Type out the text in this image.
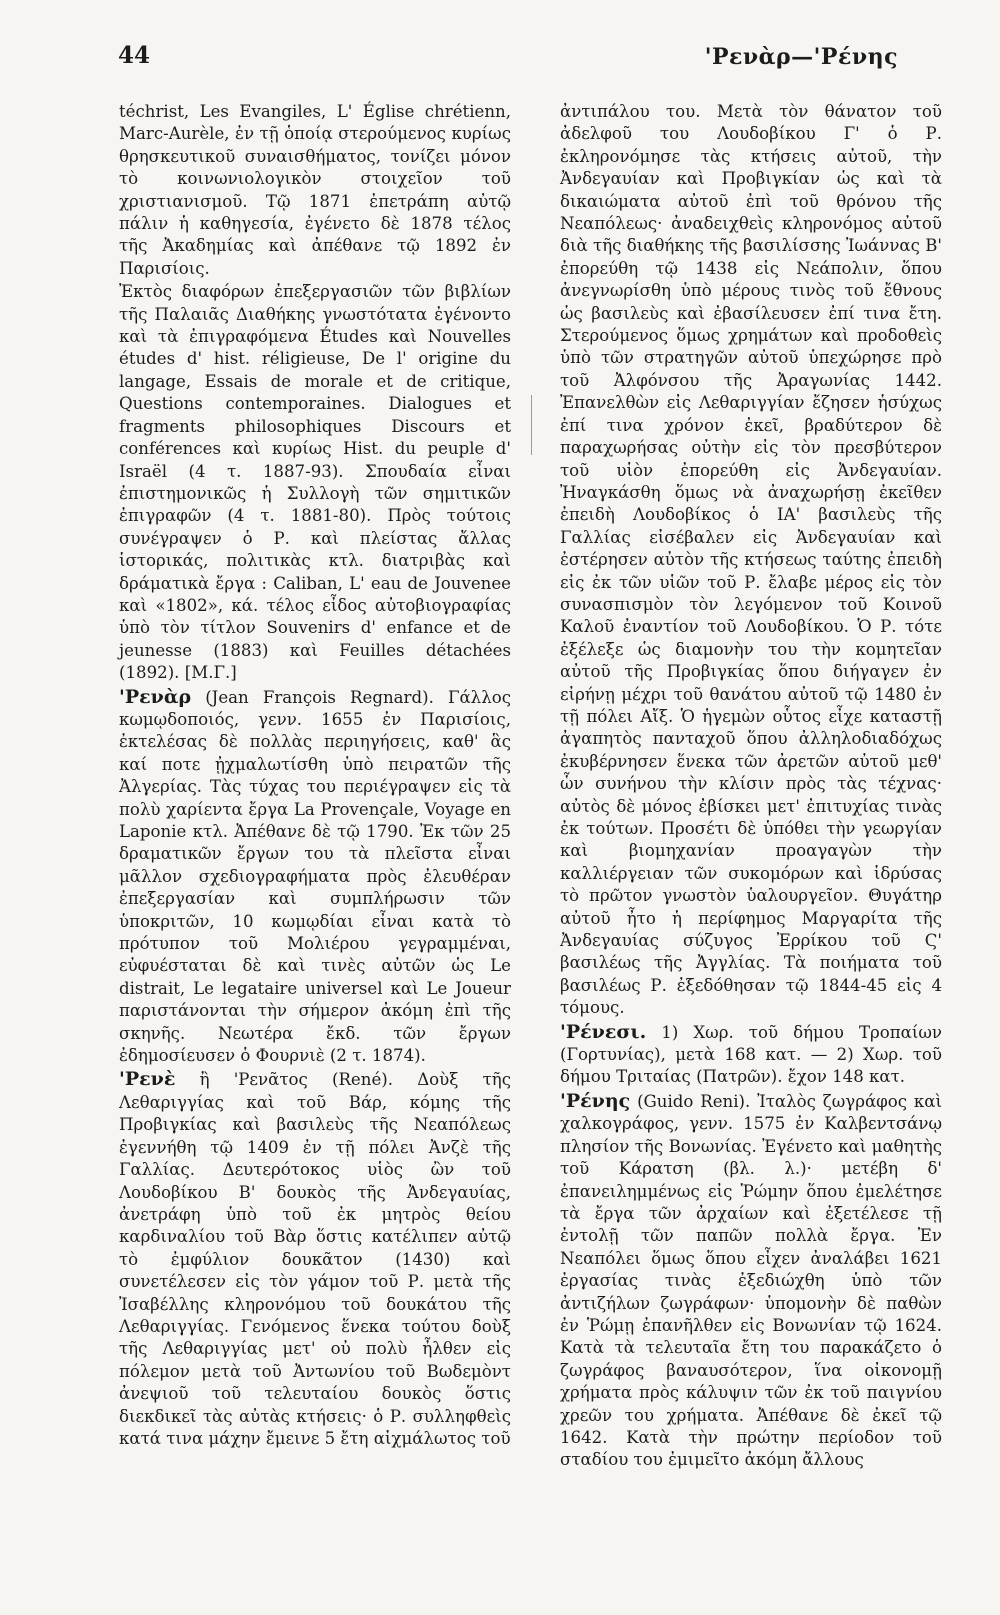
44	'Ρενὰρ—'Ρένης

téchrist, Les Evangiles, L' Église chrétienn, Marc-Aurèle, ἐν τῇ ὁποίᾳ στερούμενος κυρίως θρησκευτικοῦ συναισθήματος, τονίζει μόνον τὸ κοινωνιολογικὸν στοιχεῖον τοῦ χριστιανισμοῦ. Τῷ 1871 ἐπετράπη αὐτῷ πάλιν ἡ καθηγεσία, ἐγένετο δὲ 1878 τέλος τῆς Ἀκαδημίας καὶ ἀπέθανε τῷ 1892 ἐν Παρισίοις.

Ἐκτὸς διαφόρων ἐπεξεργασιῶν τῶν βιβλίων τῆς Παλαιᾶς Διαθήκης γνωστότατα ἐγένοντο καὶ τὰ ἐπιγραφόμενα Études καὶ Nouvelles études d' hist. réligieuse, De l' origine du langage, Essais de morale et de critique, Questions contemporaines. Dialogues et fragments philosophiques Discours et conférences καὶ κυρίως Hist. du peuple d' Israël (4 τ. 1887-93). Σπουδαία εἶναι ἐπιστημονικῶς ἡ Συλλογὴ τῶν σημιτικῶν ἐπιγραφῶν (4 τ. 1881-80). Πρὸς τούτοις συνέγραψεν ὁ Ρ. καὶ πλείστας ἄλλας ἱστορικάς, πολιτικὰς κτλ. διατριβὰς καὶ δράματικὰ ἔργα : Caliban, L' eau de Jouvenee καὶ «1802», κά. τέλος εἶδος αὐτοβιογραφίας ὑπὸ τὸν τίτλον Souvenirs d' enfance et de jeunesse (1883) καὶ Feuilles détachées (1892). [Μ.Γ.]

'Ρενὰρ (Jean François Regnard). Γάλλος κωμῳδοποιός, γενν. 1655 ἐν Παρισίοις, ἐκτελέσας δὲ πολλὰς περιηγήσεις, καθ' ἃς καί ποτε ᾐχμαλωτίσθη ὑπὸ πειρατῶν τῆς Ἀλγερίας. Τὰς τύχας του περιέγραψεν εἰς τὰ πολὺ χαρίεντα ἔργα La Provençale, Voyage en Laponie κτλ. Ἀπέθανε δὲ τῷ 1790. Ἐκ τῶν 25 δραματικῶν ἔργων του τὰ πλεῖστα εἶναι μᾶλλον σχεδιογραφήματα πρὸς ἐλευθέραν ἐπεξεργασίαν καὶ συμπλήρωσιν τῶν ὑποκριτῶν, 10 κωμῳδίαι εἶναι κατὰ τὸ πρότυπον τοῦ Μολιέρου γεγραμμέναι, εὐφυέσταται δὲ καὶ τινὲς αὐτῶν ὡς Le distrait, Le legataire universel καὶ Le Joueur παριστάνονται τὴν σήμερον ἀκόμη ἐπὶ τῆς σκηνῆς. Νεωτέρα ἔκδ. τῶν ἔργων ἐδημοσίευσεν ὁ Φουρνιὲ (2 τ. 1874).

'Ρενὲ ἢ 'Ρενᾶτος (René). Δοὺξ τῆς Λεθαριγγίας καὶ τοῦ Βάρ, κόμης τῆς Προβιγκίας καὶ βασιλεὺς τῆς Νεαπόλεως ἐγεννήθη τῷ 1409 ἐν τῇ πόλει Ἀνζὲ τῆς Γαλλίας. Δευτερότοκος υἱὸς ὢν τοῦ Λουδοβίκου Β' δουκὸς τῆς Ἀνδεγαυίας, ἀνετράφη ὑπὸ τοῦ ἐκ μητρὸς θείου καρδιναλίου τοῦ Βὰρ ὅστις κατέλιπεν αὐτῷ τὸ ἐμφύλιον δουκᾶτον (1430) καὶ συνετέλεσεν εἰς τὸν γάμον τοῦ Ρ. μετὰ τῆς Ἰσαβέλλης κληρονόμου τοῦ δουκάτου τῆς Λεθαριγγίας. Γενόμενος ἕνεκα τούτου δοὺξ τῆς Λεθαριγγίας μετ' οὐ πολὺ ἦλθεν εἰς πόλεμον μετὰ τοῦ Ἀντωνίου τοῦ Βωδεμὸντ ἀνεψιοῦ τοῦ τελευταίου δουκὸς ὅστις διεκδικεῖ τὰς αὐτὰς κτήσεις· ὁ Ρ. συλληφθεὶς κατά τινα μάχην ἔμεινε 5 ἔτη αἰχμάλωτος τοῦ

ἀντιπάλου του. Μετὰ τὸν θάνατον τοῦ ἀδελφοῦ του Λουδοβίκου Γ' ὁ Ρ. ἐκληρονόμησε τὰς κτήσεις αὐτοῦ, τὴν Ἀνδεγαυίαν καὶ Προβιγκίαν ὡς καὶ τὰ δικαιώματα αὐτοῦ ἐπὶ τοῦ θρόνου τῆς Νεαπόλεως· ἀναδειχθεὶς κληρονόμος αὐτοῦ διὰ τῆς διαθήκης τῆς βασιλίσσης Ἰωάννας Β' ἐπορεύθη τῷ 1438 εἰς Νεάπολιν, ὅπου ἀνεγνωρίσθη ὑπὸ μέρους τινὸς τοῦ ἔθνους ὡς βασιλεὺς καὶ ἐβασίλευσεν ἐπί τινα ἔτη. Στερούμενος ὅμως χρημάτων καὶ προδοθεὶς ὑπὸ τῶν στρατηγῶν αὐτοῦ ὑπεχώρησε πρὸ τοῦ Ἀλφόνσου τῆς Ἀραγωνίας 1442. Ἐπανελθὼν εἰς Λεθαριγγίαν ἔζησεν ἡσύχως ἐπί τινα χρόνον ἐκεῖ, βραδύτερον δὲ παραχωρήσας οὐτὴν εἰς τὸν πρεσβύτερον τοῦ υἱὸν ἐπορεύθη εἰς Ἀνδεγαυίαν. Ἠναγκάσθη ὅμως νὰ ἀναχωρήσῃ ἐκεῖθεν ἐπειδὴ Λουδοβίκος ὁ ΙΑ' βασιλεὺς τῆς Γαλλίας εἰσέβαλεν εἰς Ἀνδεγαυίαν καὶ ἐστέρησεν αὐτὸν τῆς κτήσεως ταύτης ἐπειδὴ εἰς ἐκ τῶν υἱῶν τοῦ Ρ. ἔλαβε μέρος εἰς τὸν συνασπισμὸν τὸν λεγόμενον τοῦ Κοινοῦ Καλοῦ ἐναντίον τοῦ Λουδοβίκου. Ὁ Ρ. τότε ἐξέλεξε ὡς διαμονὴν του τὴν κομητεῖαν αὐτοῦ τῆς Προβιγκίας ὅπου διήγαγεν ἐν εἰρήνῃ μέχρι τοῦ θανάτου αὐτοῦ τῷ 1480 ἐν τῇ πόλει Αἴξ. Ὁ ἡγεμὼν οὗτος εἶχε καταστῇ ἀγαπητὸς πανταχοῦ ὅπου ἀλληλοδιαδόχως ἐκυβέρνησεν ἕνεκα τῶν ἀρετῶν αὐτοῦ μεθ' ὧν συνήνου τὴν κλίσιν πρὸς τὰς τέχνας· αὐτὸς δὲ μόνος ἐβίσκει μετ' ἐπιτυχίας τινὰς ἐκ τούτων. Προσέτι δὲ ὑπόθει τὴν γεωργίαν καὶ βιομηχανίαν προαγαγὼν τὴν καλλιέργειαν τῶν συκομόρων καὶ ἱδρύσας τὸ πρῶτον γνωστὸν ὑαλουργεῖον. Θυγάτηρ αὐτοῦ ἦτο ἡ περίφημος Μαργαρίτα τῆς Ἀνδεγαυίας σύζυγος Ἐρρίκου τοῦ Ϛ' βασιλέως τῆς Ἀγγλίας. Τὰ ποιήματα τοῦ βασιλέως Ρ. ἐξεδόθησαν τῷ 1844-45 εἰς 4 τόμους.

'Ρένεσι. 1) Χωρ. τοῦ δήμου Τροπαίων (Γορτυνίας), μετὰ 168 κατ. — 2) Χωρ. τοῦ δήμου Τριταίας (Πατρῶν). ἔχον 148 κατ.

'Ρένης (Guido Reni). Ἰταλὸς ζωγράφος καὶ χαλκογράφος, γενν. 1575 ἐν Καλβεντσάνῳ πλησίον τῆς Βονωνίας. Ἐγένετο καὶ μαθητὴς τοῦ Κάρατση (βλ. λ.)· μετέβη δ' ἐπανειλημμένως εἰς Ῥώμην ὅπου ἐμελέτησε τὰ ἔργα τῶν ἀρχαίων καὶ ἐξετέλεσε τῇ ἐντολῇ τῶν παπῶν πολλὰ ἔργα. Ἐν Νεαπόλει ὅμως ὅπου εἶχεν ἀναλάβει 1621 ἐργασίας τινὰς ἐξεδιώχθη ὑπὸ τῶν ἀντιζήλων ζωγράφων· ὑπομονὴν δὲ παθὼν ἐν Ῥώμῃ ἐπανῆλθεν εἰς Βονωνίαν τῷ 1624. Κατὰ τὰ τελευταῖα ἔτη του παρακάζετο ὁ ζωγράφος βαναυσότερον, ἵνα οἰκονομῇ χρήματα πρὸς κάλυψιν τῶν ἐκ τοῦ παιγνίου χρεῶν του χρήματα. Ἀπέθανε δὲ ἐκεῖ τῷ 1642. Κατὰ τὴν πρώτην περίοδον τοῦ σταδίου του ἐμιμεῖτο ἀκόμη ἄλλους
